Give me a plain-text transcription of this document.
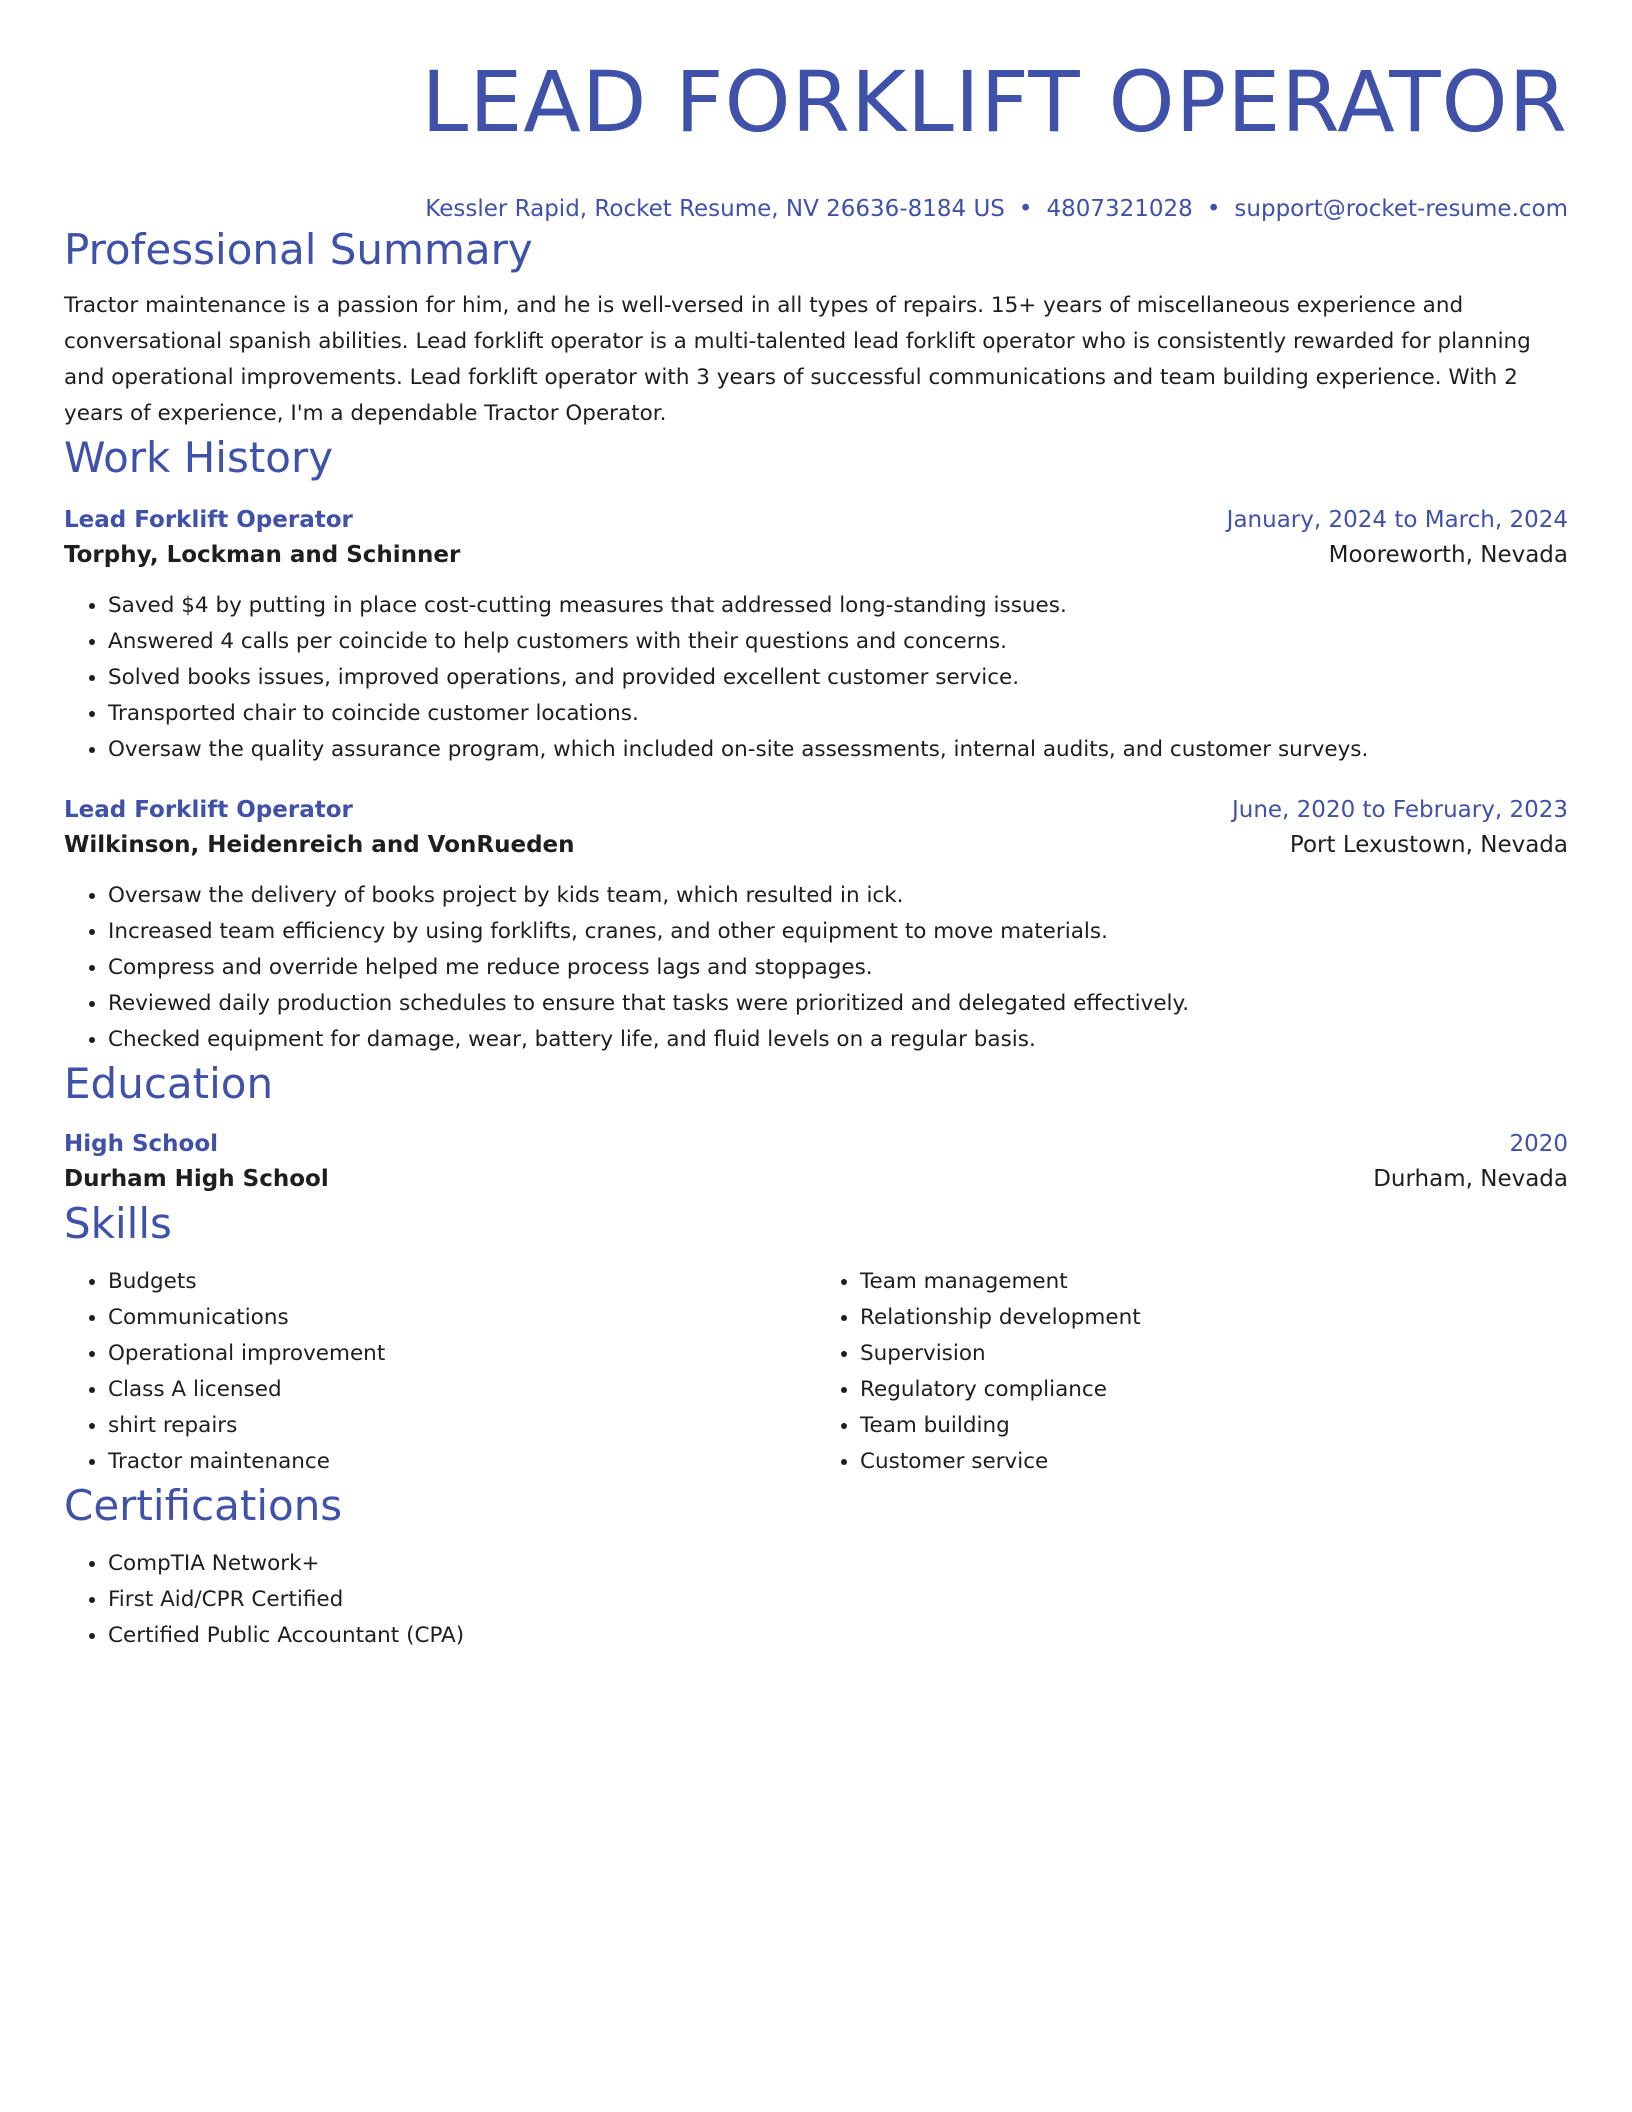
LEAD FORKLIFT OPERATOR
Kessler Rapid, Rocket Resume, NV 26636-8184 US • 4807321028 • support@rocket-resume.com
Professional Summary

Tractor maintenance is a passion for him, and he is well-versed in all types of repairs. 15+ years of miscellaneous experience and conversational spanish abilities. Lead forklift operator is a multi-talented lead forklift operator who is consistently rewarded for planning and operational improvements. Lead forklift operator with 3 years of successful communications and team building experience. With 2 years of experience, I'm a dependable Tractor Operator.

Work History
Lead Forklift Operator	January, 2024 to March, 2024
Torphy, Lockman and Schinner	Mooreworth, Nevada
• Saved $4 by putting in place cost-cutting measures that addressed long-standing issues.
• Answered 4 calls per coincide to help customers with their questions and concerns.
• Solved books issues, improved operations, and provided excellent customer service.
• Transported chair to coincide customer locations.
• Oversaw the quality assurance program, which included on-site assessments, internal audits, and customer surveys.
Lead Forklift Operator	June, 2020 to February, 2023
Wilkinson, Heidenreich and VonRueden	Port Lexustown, Nevada
• Oversaw the delivery of books project by kids team, which resulted in ick.
• Increased team efficiency by using forklifts, cranes, and other equipment to move materials.
• Compress and override helped me reduce process lags and stoppages.
• Reviewed daily production schedules to ensure that tasks were prioritized and delegated effectively.
• Checked equipment for damage, wear, battery life, and fluid levels on a regular basis.
Education
High School	2020
Durham High School	Durham, Nevada
Skills
• Budgets
• Communications
• Operational improvement
• Class A licensed
• shirt repairs
• Tractor maintenance
• Team management
• Relationship development
• Supervision
• Regulatory compliance
• Team building
• Customer service
Certifications
• CompTIA Network+
• First Aid/CPR Certified
• Certified Public Accountant (CPA)
